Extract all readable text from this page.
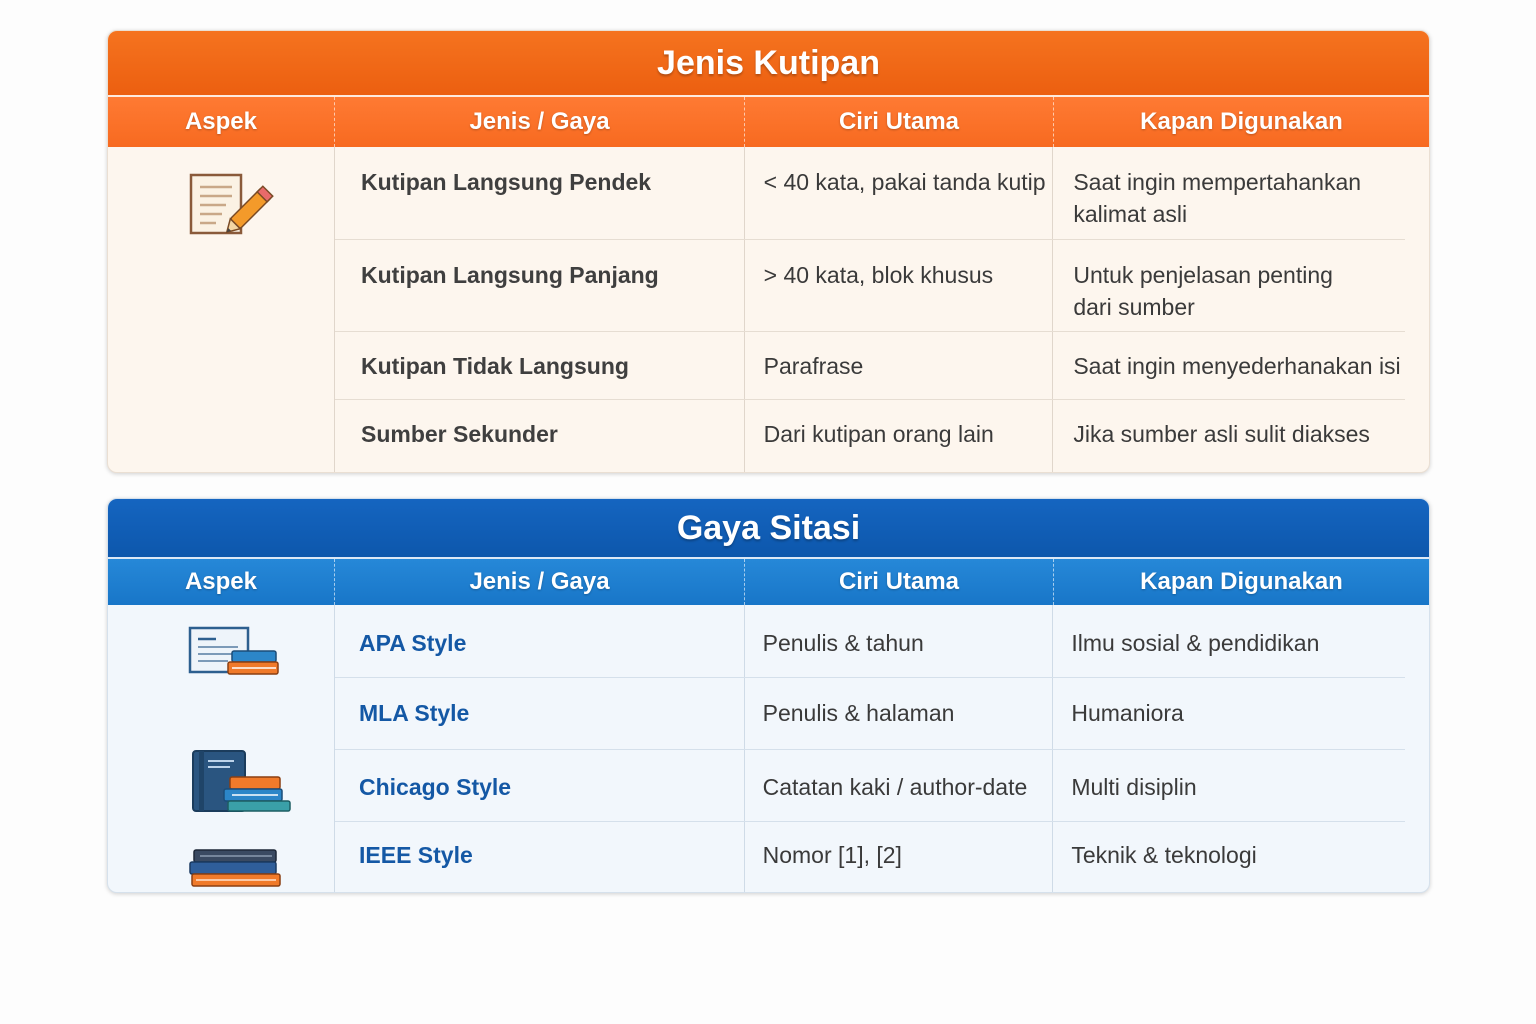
Jenis Kutipan
Aspek	Jenis / Gaya	Ciri Utama	Kapan Digunakan
Kutipan Langsung Pendek	< 40 kata, pakai tanda kutip	Saat ingin mempertahankan
kalimat asli
Kutipan Langsung Panjang	> 40 kata, blok khusus	Untuk penjelasan penting
dari sumber
Kutipan Tidak Langsung	Parafrase	Saat ingin menyederhanakan isi
Sumber Sekunder	Dari kutipan orang lain	Jika sumber asli sulit diakses
Gaya Sitasi
Aspek	Jenis / Gaya	Ciri Utama	Kapan Digunakan
APA Style	Penulis & tahun	Ilmu sosial & pendidikan
MLA Style	Penulis & halaman	Humaniora
Chicago Style	Catatan kaki / author-date	Multi disiplin
IEEE Style	Nomor [1], [2]	Teknik & teknologi
